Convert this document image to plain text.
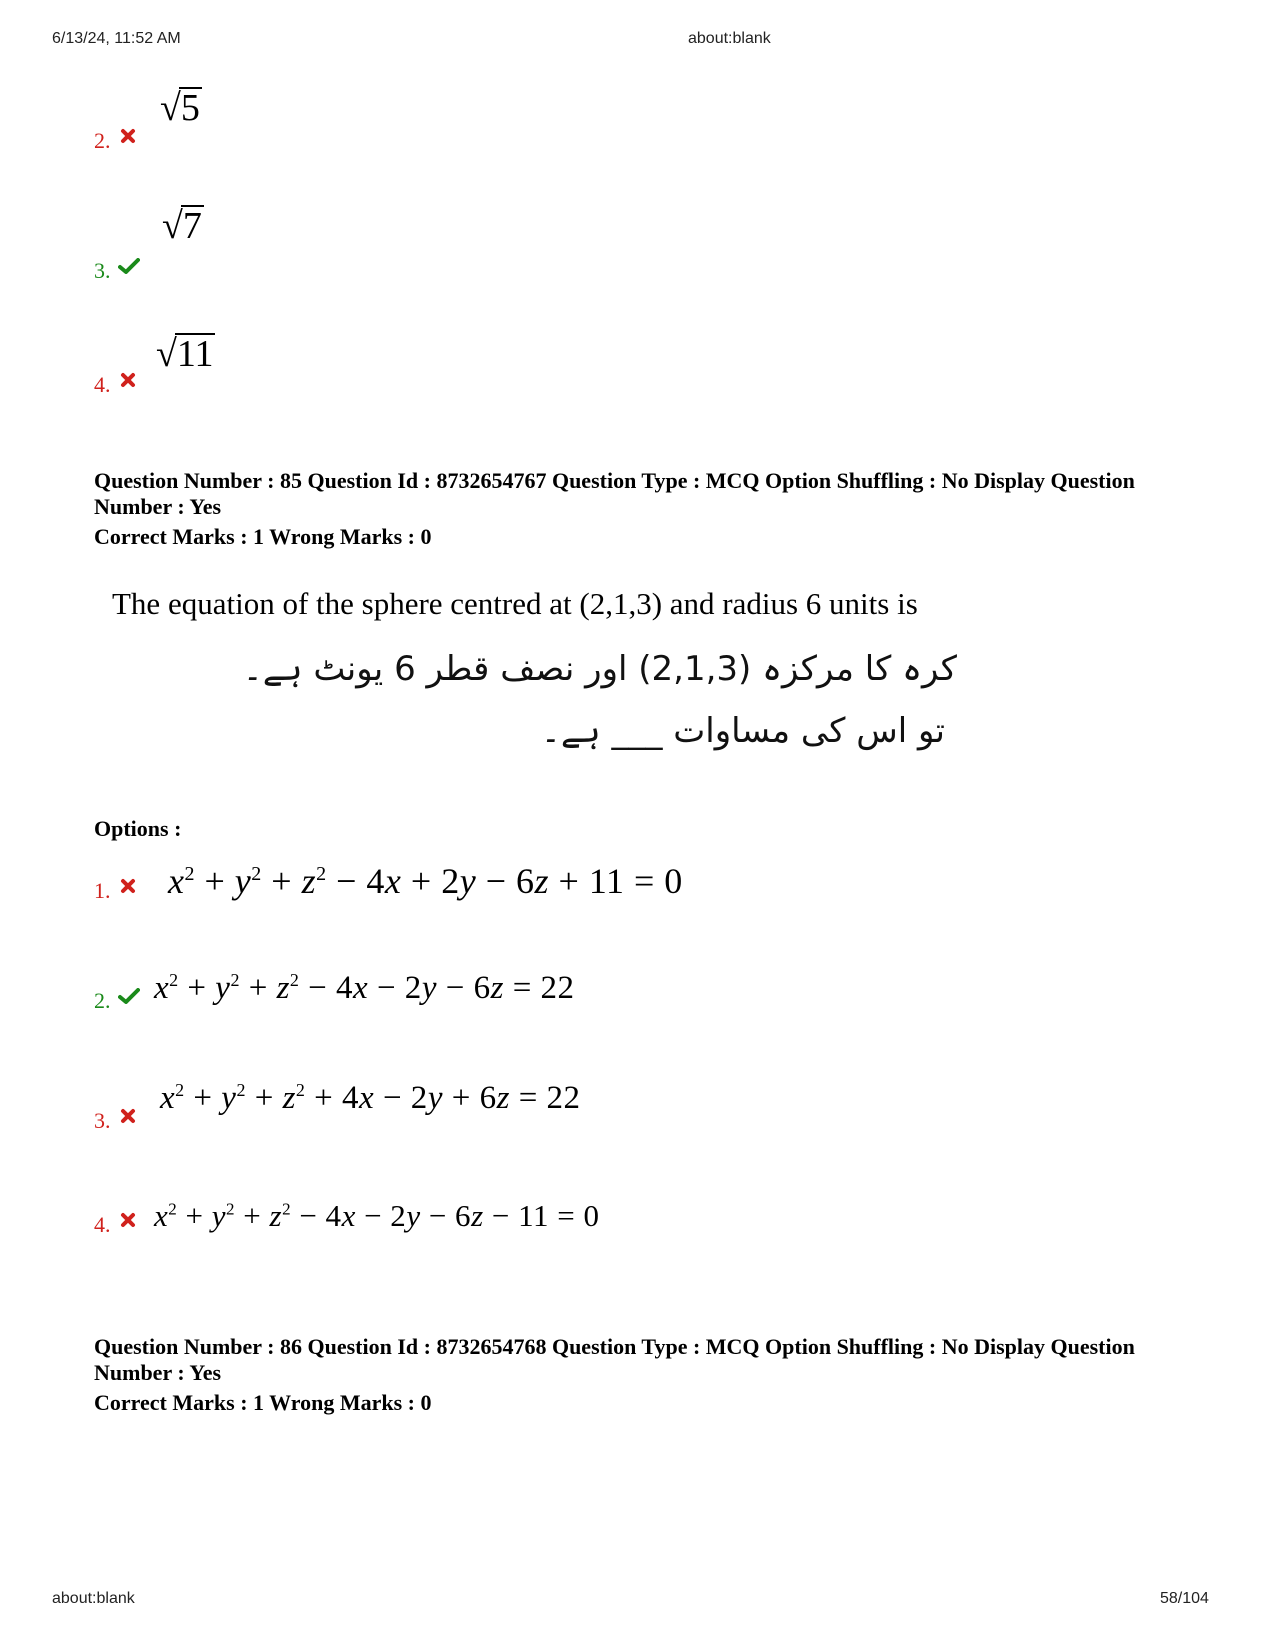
6/13/24, 11:52 AM	about:blank
about:blank	58/104
2.
√5
3.
√7
4.
√11
Question Number : 85 Question Id : 8732654767 Question Type : MCQ Option Shuffling : No Display Question Number : Yes
Correct Marks : 1 Wrong Marks : 0
The equation of the sphere centred at (2,1,3) and radius 6 units is
کرہ کا مرکزہ (2,1,3) اور نصف قطر 6 یونٹ ہے۔
تو اس کی مساوات ___ ہے۔
Options :
1. $x^2 + y^2 + z^2 - 4x + 2y - 6z + 11 = 0$
2. $x^2 + y^2 + z^2 - 4x - 2y - 6z = 22$
3.
$x^2 + y^2 + z^2 + 4x - 2y + 6z = 22$
4. $x^2 + y^2 + z^2 - 4x - 2y - 6z - 11 = 0$
Question Number : 86 Question Id : 8732654768 Question Type : MCQ Option Shuffling : No Display Question Number : Yes
Correct Marks : 1 Wrong Marks : 0
